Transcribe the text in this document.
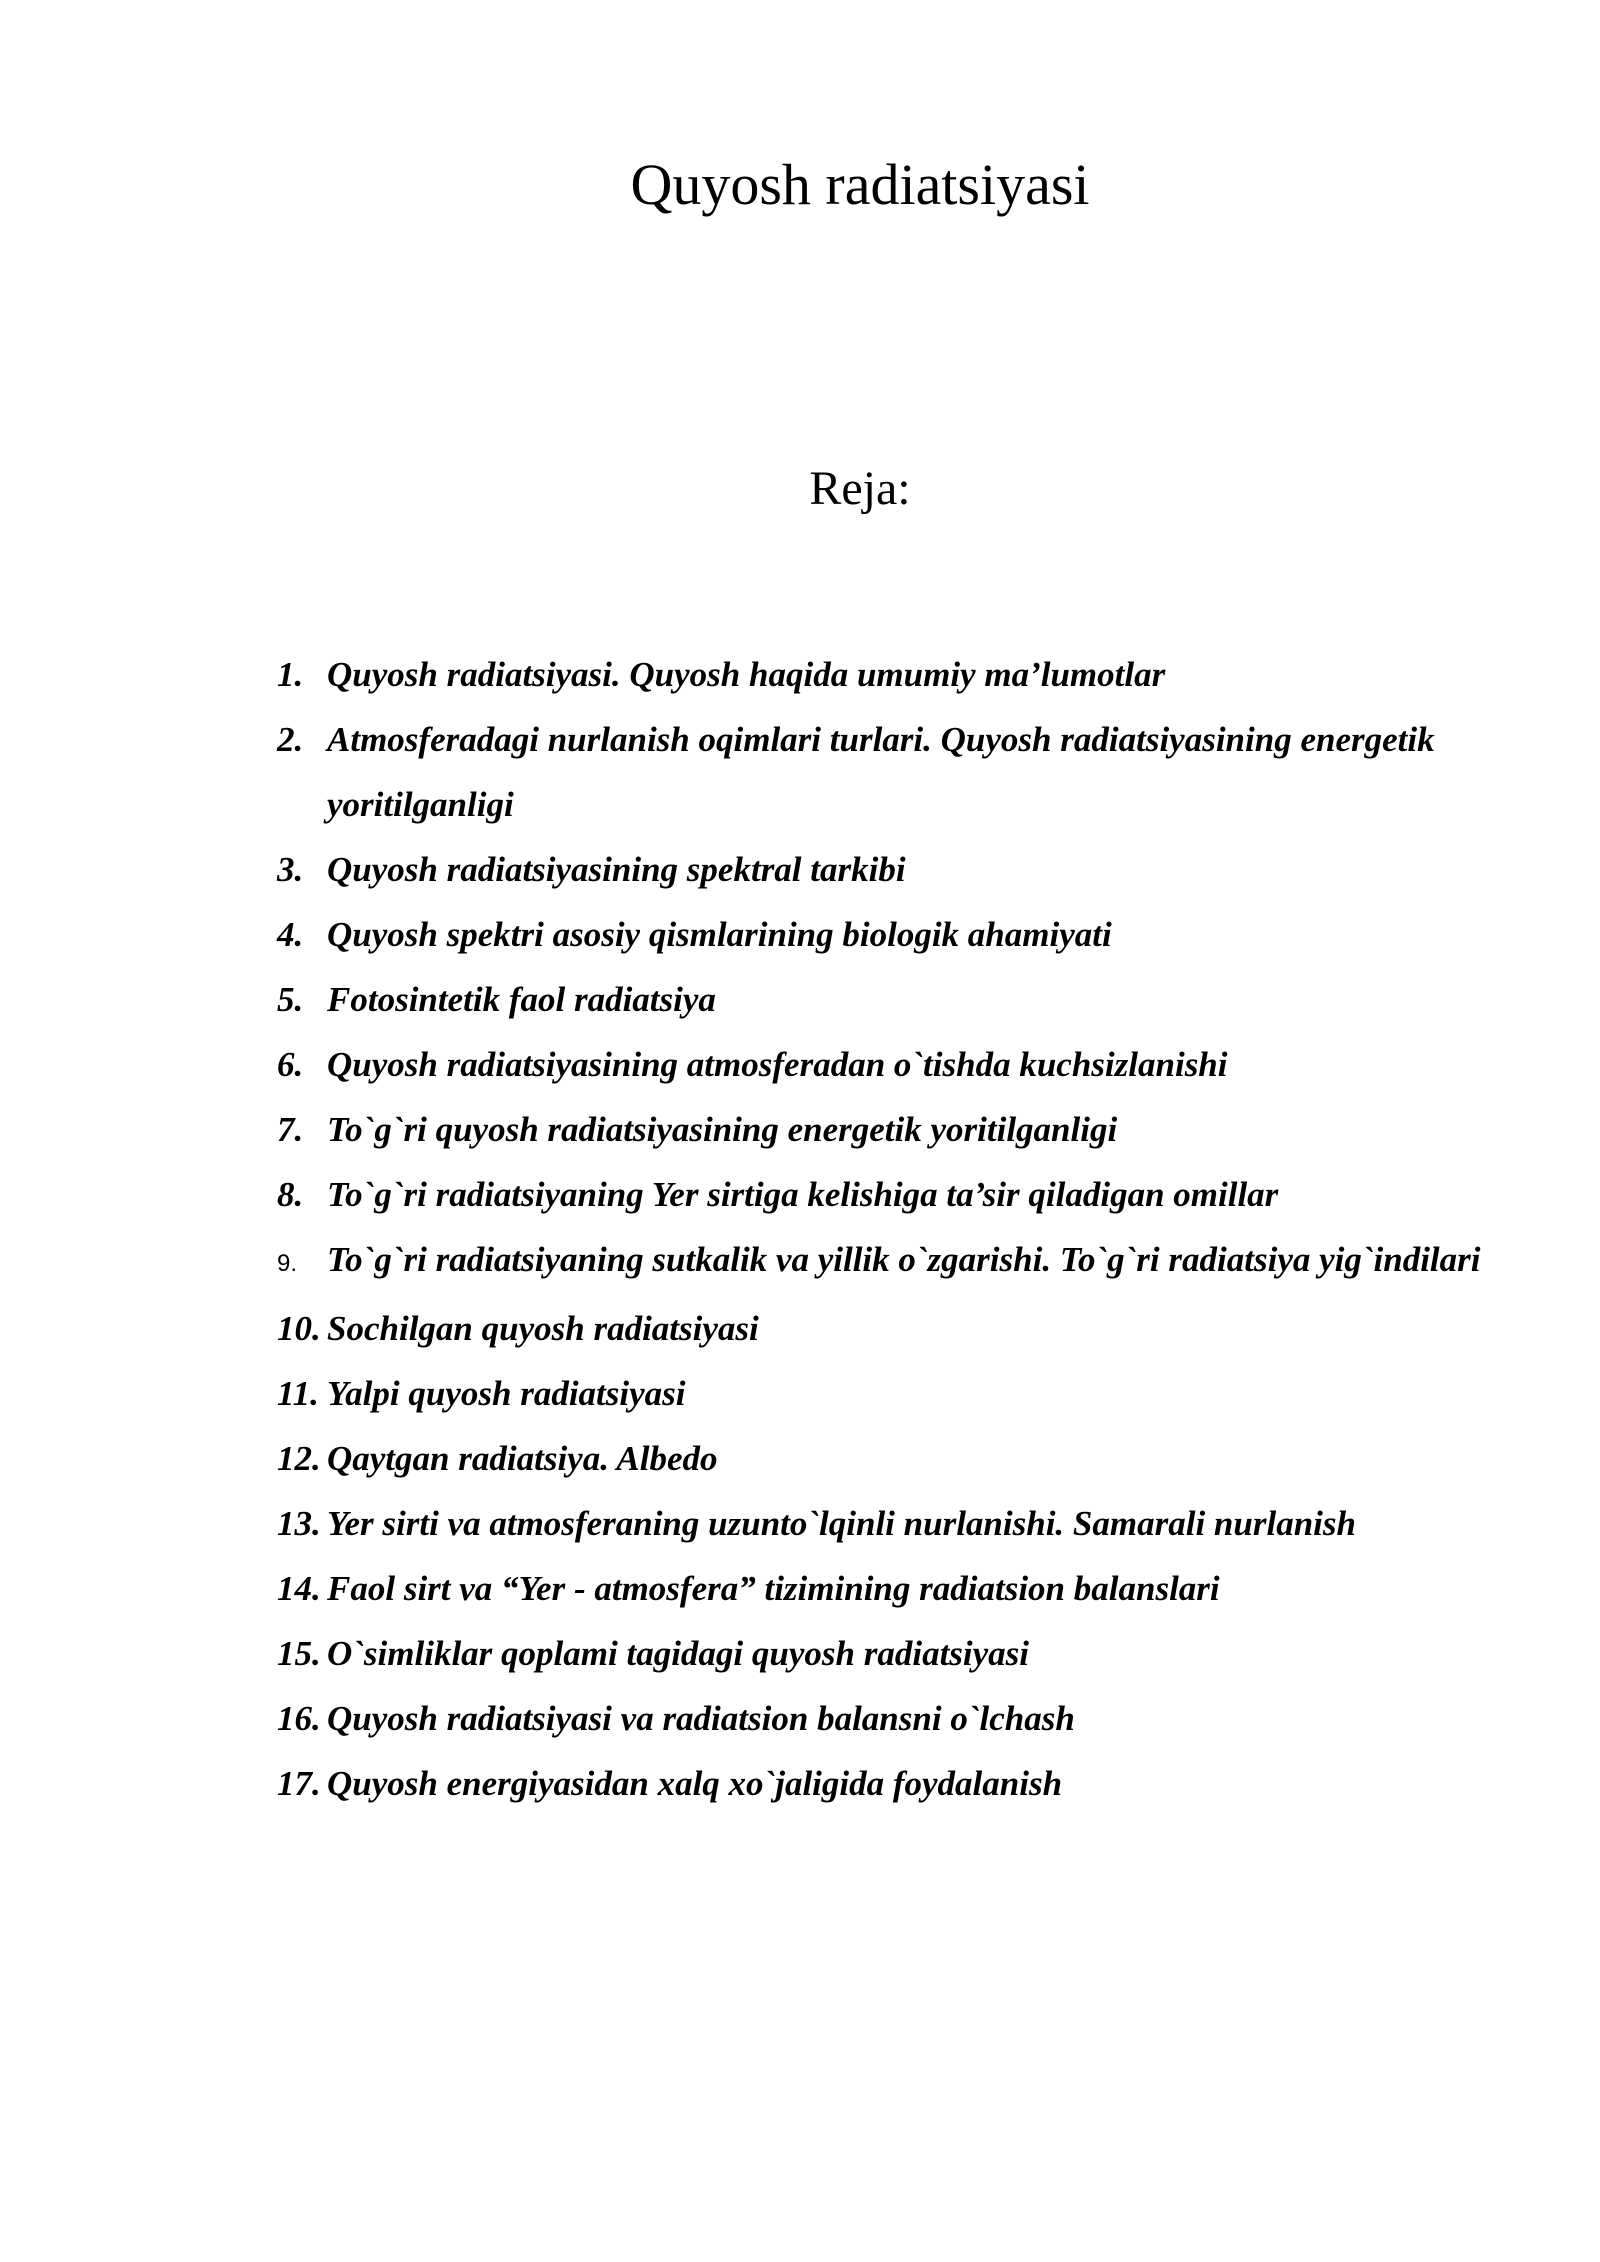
Quyosh radiatsiyasi
Reja:
1. Quyosh radiatsiyasi. Quyosh haqida umumiy ma’lumotlar
2. Atmosferadagi nurlanish oqimlari turlari. Quyosh radiatsiyasining energetik yoritilganligi
3. Quyosh radiatsiyasining spektral tarkibi
4. Quyosh spektri asosiy qismlarining biologik ahamiyati
5. Fotosintetik faol radiatsiya
6. Quyosh radiatsiyasining atmosferadan o`tishda kuchsizlanishi
7. To`g`ri quyosh radiatsiyasining energetik yoritilganligi
8. To`g`ri radiatsiyaning Yer sirtiga kelishiga ta’sir qiladigan omillar
9. To`g`ri radiatsiyaning sutkalik va yillik o`zgarishi. To`g`ri radiatsiya yig`indilari
10. Sochilgan quyosh radiatsiyasi
11. Yalpi quyosh radiatsiyasi
12. Qaytgan radiatsiya. Albedo
13. Yer sirti va atmosferaning uzunto`lqinli nurlanishi. Samarali nurlanish
14. Faol sirt va “Yer - atmosfera” tizimining radiatsion balanslari
15. O`simliklar qoplami tagidagi quyosh radiatsiyasi
16. Quyosh radiatsiyasi va radiatsion balansni o`lchash
17. Quyosh energiyasidan xalq xo`jaligida foydalanish
